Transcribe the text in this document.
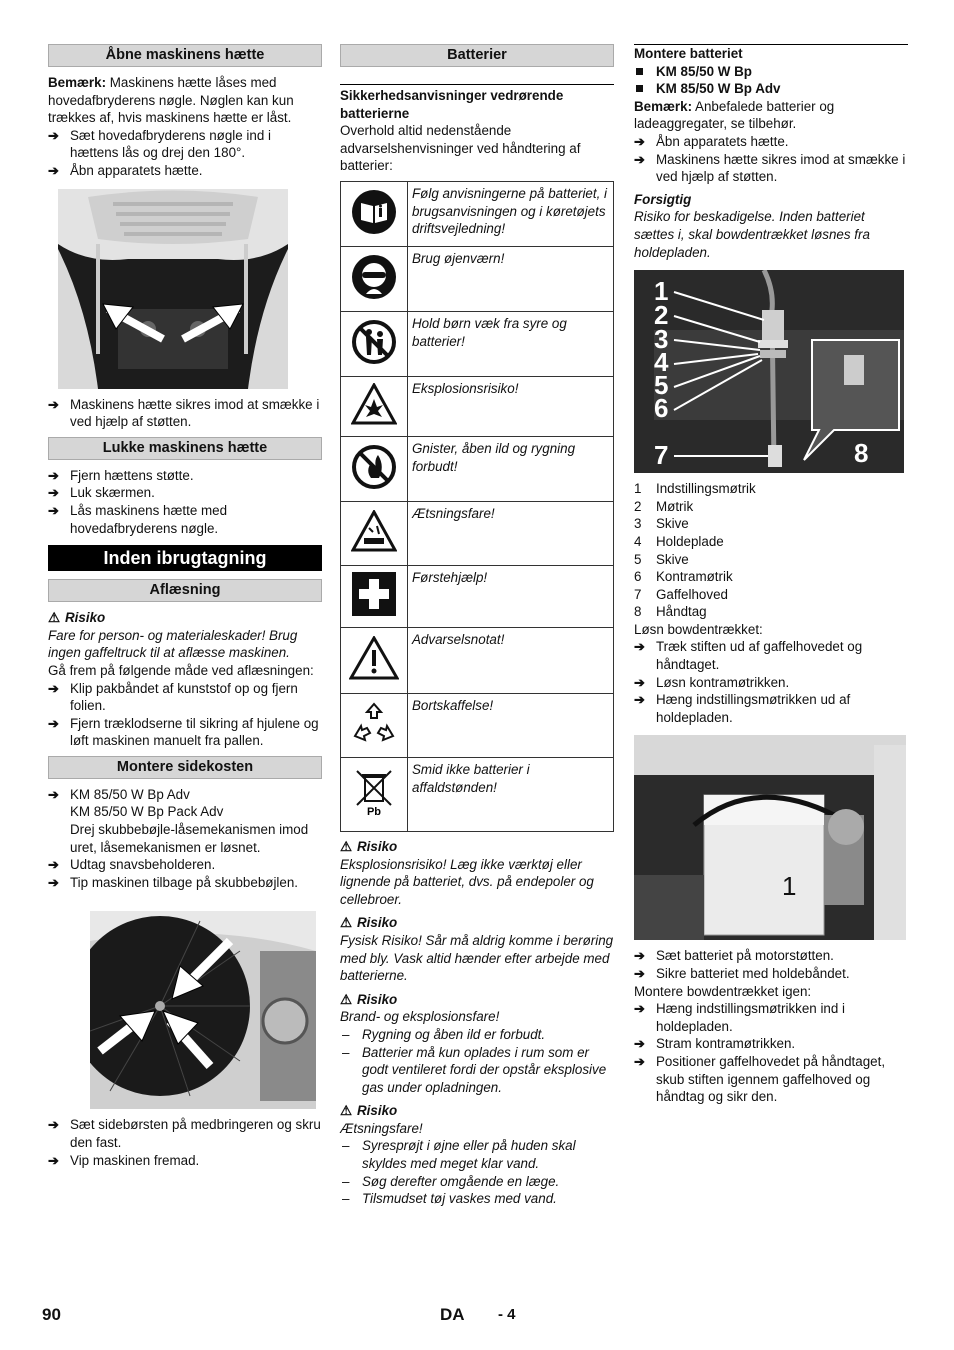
Åbne maskinens hætte

Bemærk: Maskinens hætte låses med hovedafbryderens nøgle. Nøglen kan kun trækkes af, hvis maskinens hætte er låst.

➔ Sæt hovedafbryderens nøgle ind i hættens lås og drej den 180°.

➔ Åbn apparatets hætte.

➔ Maskinens hætte sikres imod at smække i ved hjælp af støtten.

Lukke maskinens hætte

➔ Fjern hættens støtte.

➔ Luk skærmen.

➔ Lås maskinens hætte med hovedafbryderens nøgle.

Inden ibrugtagning
Aflæsning

⚠ Risiko

Fare for person- og materialeskader! Brug ingen gaffeltruck til at aflæsse maskinen.

Gå frem på følgende måde ved aflæsningen:

➔ Klip pakbåndet af kunststof op og fjern folien.

➔ Fjern træklodserne til sikring af hjulene og løft maskinen manuelt fra pallen.

Montere sidekosten

➔ KM 85/50 W Bp Adv

KM 85/50 W Bp Pack Adv

Drej skubbebøjle-låsemekanismen imod uret, låsemekanismen er løsnet.

➔ Udtag snavsbeholderen.

➔ Tip maskinen tilbage på skubbebøjlen.

➔ Sæt sidebørsten på medbringeren og skru den fast.

➔ Vip maskinen fremad.

Batterier

Sikkerhedsanvisninger vedrørende batterierne

Overhold altid nedenstående advarselshenvisninger ved håndtering af batterier:

	Følg anvisningerne på batteriet, i brugsanvisningen og i køretøjets driftsvejledning!
	Brug øjenværn!
	Hold børn væk fra syre og batterier!
	Eksplosionsrisiko!
	Gnister, åben ild og rygning forbudt!
	Ætsningsfare!
	Førstehjælp!
	Advarselsnotat!
	Bortskaffelse!

Pb	Smid ikke batterier i affaldstønden!

⚠ Risiko

Eksplosionsrisiko! Læg ikke værktøj eller lignende på batteriet, dvs. på endepoler og cellebroer.

⚠ Risiko

Fysisk Risiko! Sår må aldrig komme i berøring med bly. Vask altid hænder efter arbejde med batterierne.

⚠ Risiko

Brand- og eksplosionsfare!

– Rygning og åben ild er forbudt.

– Batterier må kun oplades i rum som er godt ventileret fordi der opstår eksplosive gas under opladningen.

⚠ Risiko

Ætsningsfare!

– Syresprøjt i øjne eller på huden skal skyldes med meget klar vand.

– Søg derefter omgående en læge.

– Tilsmudset tøj vaskes med vand.

Montere batteriet

KM 85/50 W Bp

KM 85/50 W Bp Adv

Bemærk: Anbefalede batterier og ladeaggregater, se tilbehør.

➔ Åbn apparatets hætte.

➔ Maskinens hætte sikres imod at smække i ved hjælp af støtten.

Forsigtig

Risiko for beskadigelse. Inden batteriet sættes i, skal bowdentrækket løsnes fra holdepladen.

1
2
3
4
5
6
7	8

1 Indstillingsmøtrik

2 Møtrik

3 Skive

4 Holdeplade

5 Skive

6 Kontramøtrik

7 Gaffelhoved

8 Håndtag

Løsn bowdentrækket:

➔ Træk stiften ud af gaffelhovedet og håndtaget.

➔ Løsn kontramøtrikken.

➔ Hæng indstillingsmøtrikken ud af holdepladen.

1

➔ Sæt batteriet på motorstøtten.

➔ Sikre batteriet med holdebåndet.

Montere bowdentrækket igen:

➔ Hæng indstillingsmøtrikken ind i holdepladen.

➔ Stram kontramøtrikken.

➔ Positioner gaffelhovedet på håndtaget, skub stiften igennem gaffelhoved og håndtag og sikr den.

90	DA - 4
